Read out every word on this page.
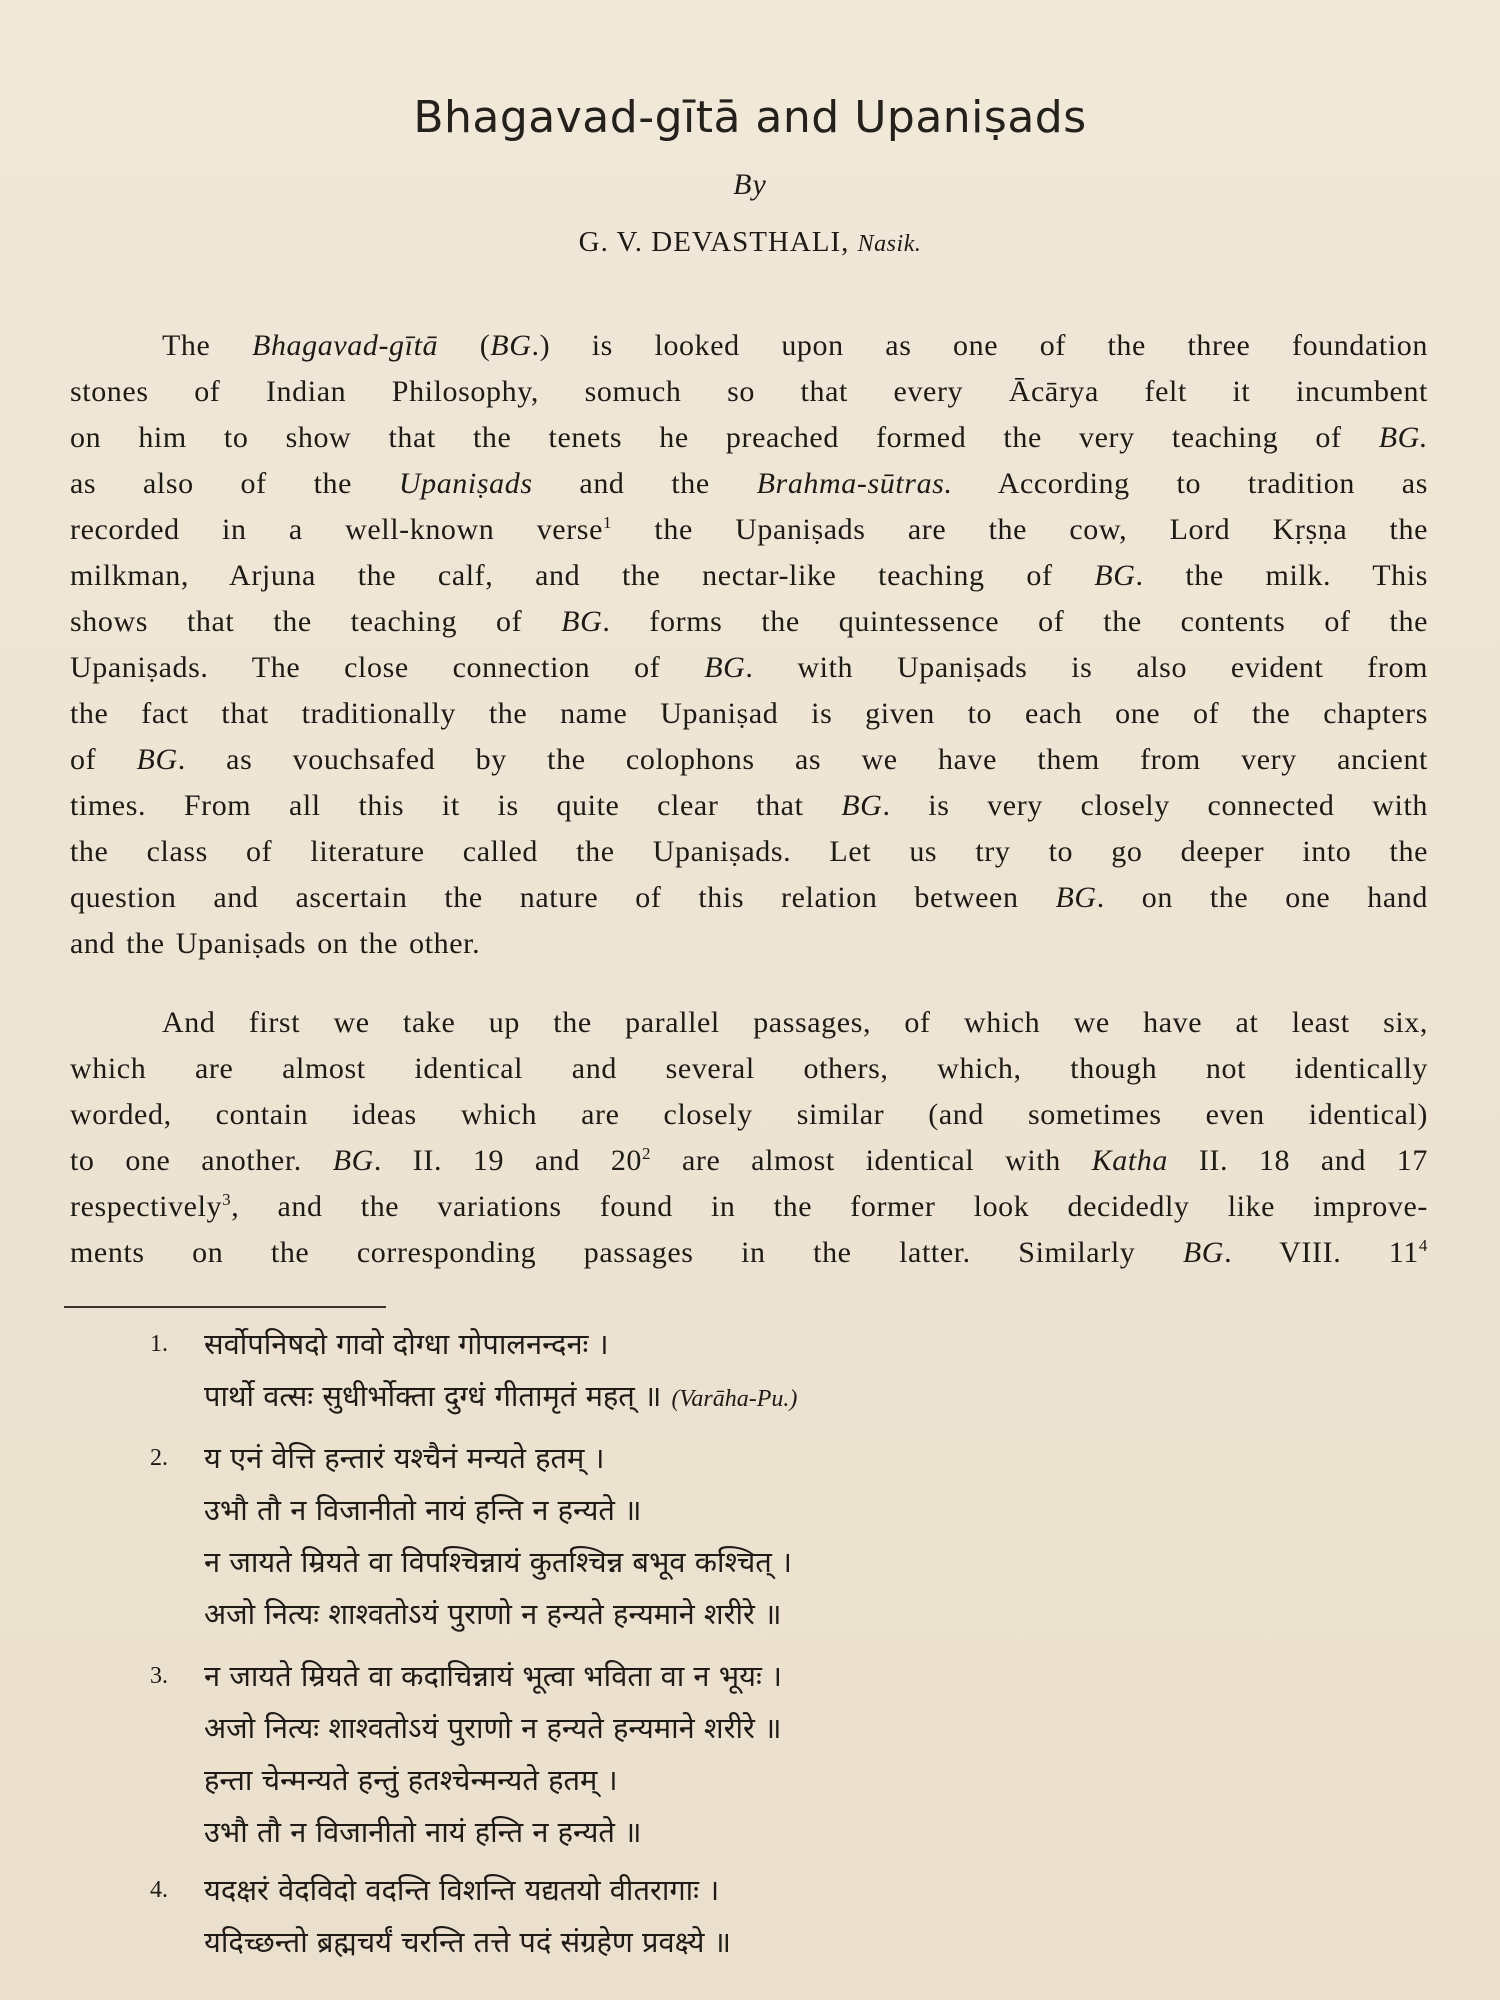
Bhagavad-gītā and Upaniṣads
By
G. V. DEVASTHALI, Nasik.
The Bhagavad-gītā (BG.) is looked upon as one of the three foundation
stones of Indian Philosophy, somuch so that every Ācārya felt it incumbent
on him to show that the tenets he preached formed the very teaching of BG.
as also of the Upaniṣads and the Brahma-sūtras. According to tradition as
recorded in a well-known verse$^1$ the Upaniṣads are the cow, Lord Kṛṣṇa the
milkman, Arjuna the calf, and the nectar-like teaching of BG. the milk. This
shows that the teaching of BG. forms the quintessence of the contents of the
Upaniṣads. The close connection of BG. with Upaniṣads is also evident from
the fact that traditionally the name Upaniṣad is given to each one of the chapters
of BG. as vouchsafed by the colophons as we have them from very ancient
times. From all this it is quite clear that BG. is very closely connected with
the class of literature called the Upaniṣads. Let us try to go deeper into the
question and ascertain the nature of this relation between BG. on the one hand
and the Upaniṣads on the other.
And first we take up the parallel passages, of which we have at least six,
which are almost identical and several others, which, though not identically
worded, contain ideas which are closely similar (and sometimes even identical)
to one another. BG. II. 19 and $20^2$ are almost identical with Katha II. 18 and 17
respectively$^3$, and the variations found in the former look decidedly like improve-
ments on the corresponding passages in the latter. Similarly BG. VIII. $11^4$
1.	सर्वोपनिषदो गावो दोग्धा गोपालनन्दनः ।
पार्थो वत्सः सुधीर्भोक्ता दुग्धं गीतामृतं महत् ॥ (Varāha-Pu.)
2.	य एनं वेत्ति हन्तारं यश्चैनं मन्यते हतम् ।
उभौ तौ न विजानीतो नायं हन्ति न हन्यते ॥
न जायते म्रियते वा विपश्चिन्नायं कुतश्चिन्न बभूव कश्चित् ।
अजो नित्यः शाश्वतोऽयं पुराणो न हन्यते हन्यमाने शरीरे ॥
3.	न जायते म्रियते वा कदाचिन्नायं भूत्वा भविता वा न भूयः ।
अजो नित्यः शाश्वतोऽयं पुराणो न हन्यते हन्यमाने शरीरे ॥
हन्ता चेन्मन्यते हन्तुं हतश्चेन्मन्यते हतम् ।
उभौ तौ न विजानीतो नायं हन्ति न हन्यते ॥
4.	यदक्षरं वेदविदो वदन्ति विशन्ति यद्यतयो वीतरागाः ।
यदिच्छन्तो ब्रह्मचर्यं चरन्ति तत्ते पदं संग्रहेण प्रवक्ष्ये ॥
